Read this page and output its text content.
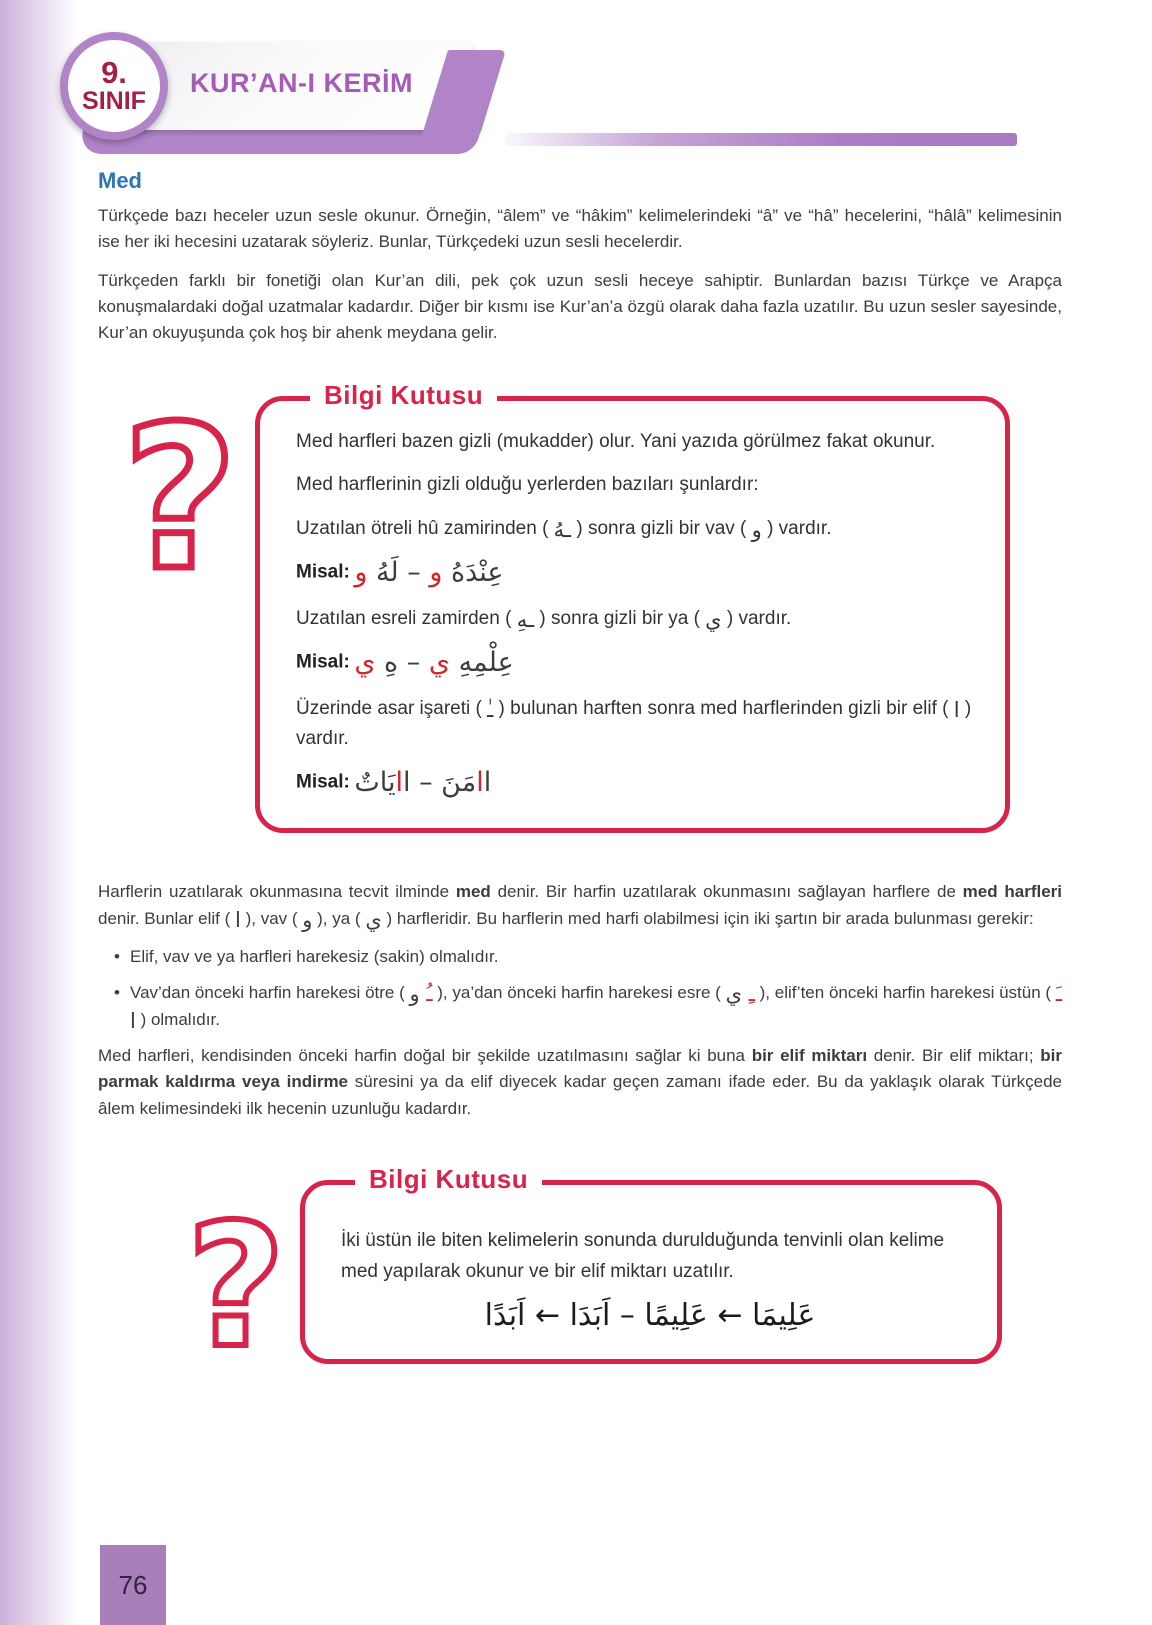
9.
SINIF
KUR’AN-I KERİM
Med

Türkçede bazı heceler uzun sesle okunur. Örneğin, “âlem” ve “hâkim” kelimelerindeki “â” ve “hâ” hecelerini, “hâlâ” kelimesinin ise her iki hecesini uzatarak söyleriz. Bunlar, Türkçedeki uzun sesli hecelerdir.

Türkçeden farklı bir fonetiği olan Kur’an dili, pek çok uzun sesli heceye sahiptir. Bunlardan bazısı Türkçe ve Arapça konuşmalardaki doğal uzatmalar kadardır. Diğer bir kısmı ise Kur’an’a özgü olarak daha fazla uzatılır. Bu uzun sesler sayesinde, Kur’an okuyuşunda çok hoş bir ahenk meydana gelir.

?	Bilgi Kutusu

Med harfleri bazen gizli (mukadder) olur. Yani yazıda görülmez fakat okunur.

Med harflerinin gizli olduğu yerlerden bazıları şunlardır:

Uzatılan ötreli hû zamirinden ( ـهُ ) sonra gizli bir vav ( و ) vardır.

Misal:	عِنْدَهُ و – لَهُ و

Uzatılan esreli zamirden ( ـهِ ) sonra gizli bir ya ( ي ) vardır.

Misal:	عِلْمِهِ ي – هِ ي

Üzerinde asar işareti ( ـٰ ) bulunan harften sonra med harflerinden gizli bir elif ( ا ) vardır.

Misal:	اامَنَ – اايَاتٌ

Harflerin uzatılarak okunmasına tecvit ilminde med denir. Bir harfin uzatılarak okunmasını sağlayan harflere de med harfleri denir. Bunlar elif ( ا ), vav ( و ), ya ( ي ) harfleridir. Bu harflerin med harfi olabilmesi için iki şartın bir arada bulunması gerekir:

• Elif, vav ve ya harfleri harekesiz (sakin) olmalıdır.
• Vav’dan önceki harfin harekesi ötre ( ـُ و ), ya’dan önceki harfin harekesi esre ( ـِ ي ), elif’ten önceki harfin harekesi üstün ( ـَ ا ) olmalıdır.

Med harfleri, kendisinden önceki harfin doğal bir şekilde uzatılmasını sağlar ki buna bir elif miktarı denir. Bir elif miktarı; bir parmak kaldırma veya indirme süresini ya da elif diyecek kadar geçen zamanı ifade eder. Bu da yaklaşık olarak Türkçede âlem kelimesindeki ilk hecenin uzunluğu kadardır.

?
Bilgi Kutusu

İki üstün ile biten kelimelerin sonunda durulduğunda tenvinli olan kelime med yapılarak okunur ve bir elif miktarı uzatılır.

عَلِيمَا ← عَلِيمًا – اَبَدَا ← اَبَدًا
76
